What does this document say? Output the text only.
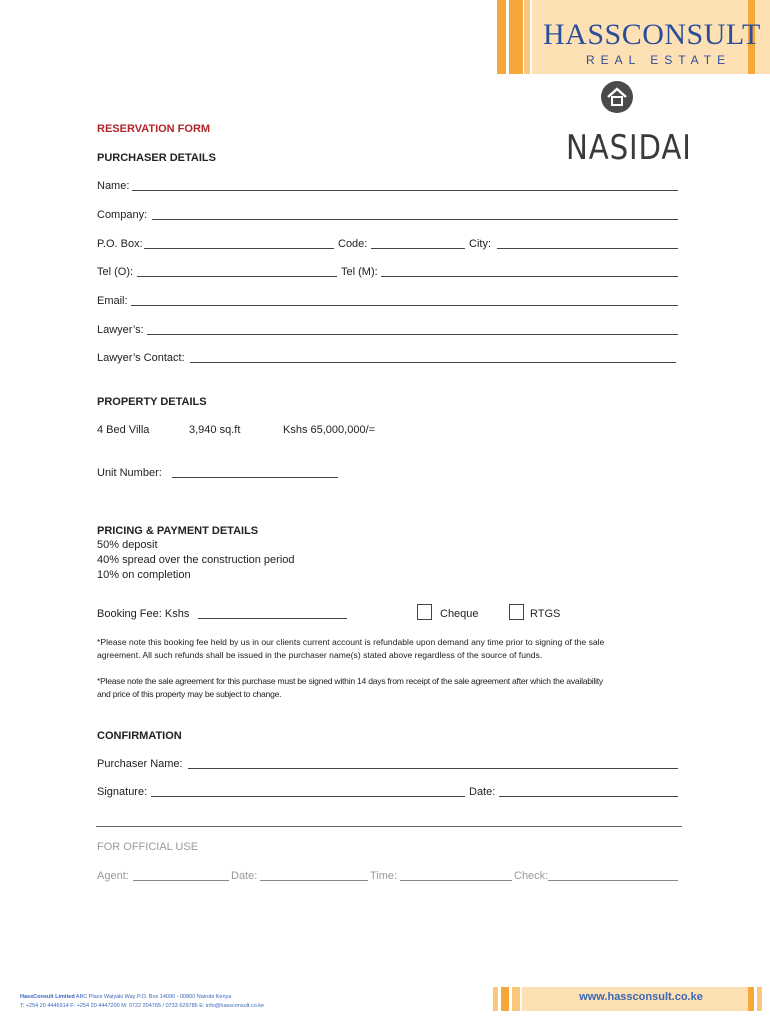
HASSCONSULT
REAL ESTATE
NASIDAI
RESERVATION FORM
PURCHASER DETAILS
Name:
Company:
P.O. Box:	Code:	City:
Tel (O):	Tel (M):
Email:
Lawyer’s:
Lawyer’s Contact:
PROPERTY DETAILS
4 Bed Villa	3,940 sq.ft	Kshs 65,000,000/=
Unit Number:
PRICING & PAYMENT DETAILS
50% deposit
40% spread over the construction period
10% on completion
Booking Fee: Kshs	Cheque	RTGS
*Please note this booking fee held by us in our clients current account is refundable upon demand any time prior to signing of the sale
agreement. All such refunds shall be issued in the purchaser name(s) stated above regardless of the source of funds.
*Please note the sale agreement for this purchase must be signed within 14 days from receipt of the sale agreement after which the availability
and price of this property may be subject to change.
CONFIRMATION
Purchaser Name:
Signature:	Date:
FOR OFFICIAL USE
Agent:	Date:	Time:	Check:
HassConsult Limited ABC Place Waiyaki Way P.O. Box 14090 - 00800 Nairobi Kenya
T: +254 20 4446914 F: +254 20 4447200 M: 0722 204765 / 0733 629786 E: info@hassconsult.co.ke
www.hassconsult.co.ke
